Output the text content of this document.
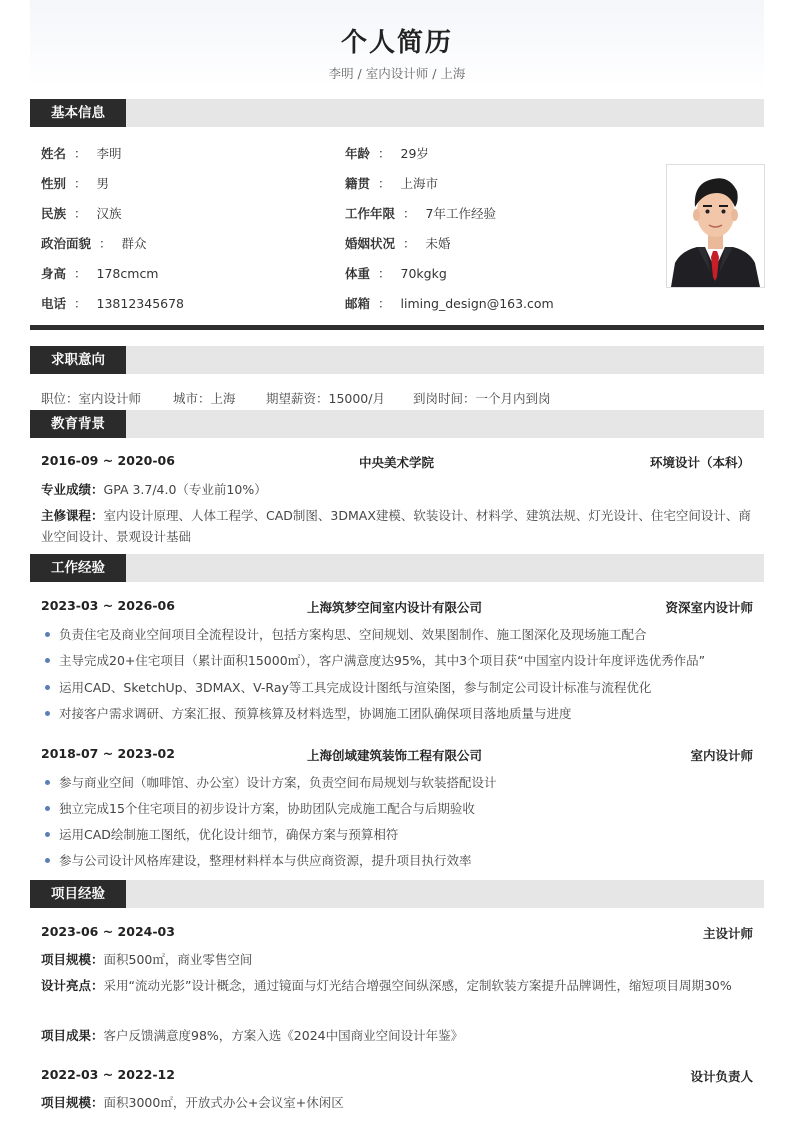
个人简历
李明 / 室内设计师 / 上海
基本信息
姓名 ： 李明	年龄 ： 29岁
性别 ： 男	籍贯 ： 上海市
民族 ： 汉族	工作年限 ： 7年工作经验
政治面貌 ： 群众	婚姻状况 ： 未婚
身高 ： 178cmcm	体重 ： 70kgkg
电话 ： 13812345678	邮箱 ： liming_design@163.com
求职意向
职位：室内设计师	城市：上海 期望薪资：15000/月 到岗时间：一个月内到岗
教育背景
2016-09 ~ 2020-06	中央美术学院	环境设计（本科）
专业成绩：GPA 3.7/4.0（专业前10%）
主修课程：室内设计原理、人体工程学、CAD制图、3DMAX建模、软装设计、材料学、建筑法规、灯光设计、住宅空间设计、商业空间设计、景观设计基础
工作经验
2023-03 ~ 2026-06	上海筑梦空间室内设计有限公司	资深室内设计师
负责住宅及商业空间项目全流程设计，包括方案构思、空间规划、效果图制作、施工图深化及现场施工配合
主导完成20+住宅项目（累计面积15000㎡），客户满意度达95%，其中3个项目获“中国室内设计年度评选优秀作品”
运用CAD、SketchUp、3DMAX、V-Ray等工具完成设计图纸与渲染图，参与制定公司设计标准与流程优化
对接客户需求调研、方案汇报、预算核算及材料选型，协调施工团队确保项目落地质量与进度
2018-07 ~ 2023-02	上海创域建筑装饰工程有限公司	室内设计师
参与商业空间（咖啡馆、办公室）设计方案，负责空间布局规划与软装搭配设计
独立完成15个住宅项目的初步设计方案，协助团队完成施工配合与后期验收
运用CAD绘制施工图纸，优化设计细节，确保方案与预算相符
参与公司设计风格库建设，整理材料样本与供应商资源，提升项目执行效率
项目经验
2023-06 ~ 2024-03	主设计师
项目规模：面积500㎡，商业零售空间
设计亮点：采用“流动光影”设计概念，通过镜面与灯光结合增强空间纵深感，定制软装方案提升品牌调性，缩短项目周期30%
项目成果：客户反馈满意度98%，方案入选《2024中国商业空间设计年鉴》
2022-03 ~ 2022-12	设计负责人
项目规模：面积3000㎡，开放式办公+会议室+休闲区
